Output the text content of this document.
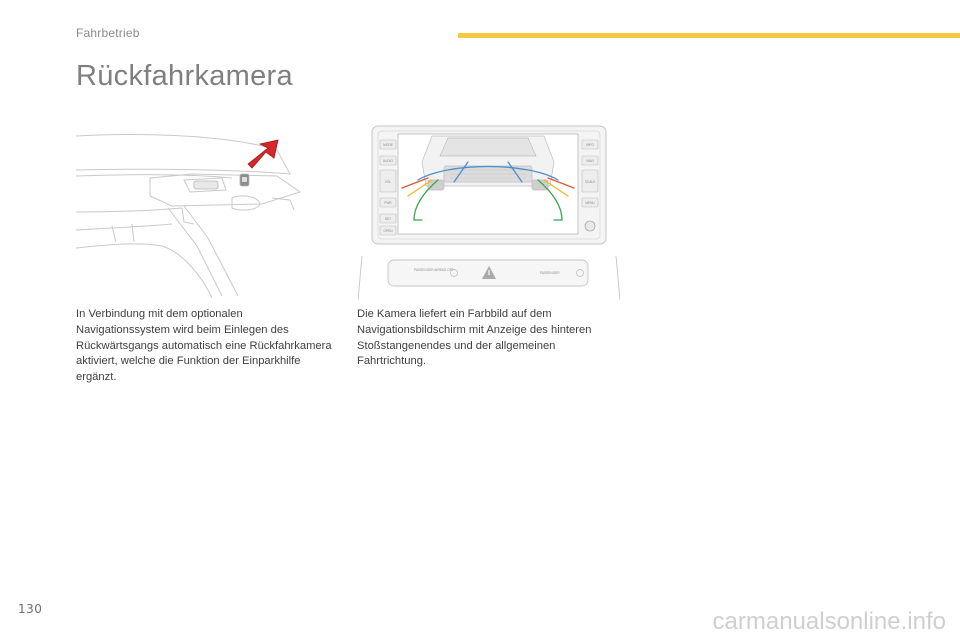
Fahrbetrieb
Rückfahrkamera
MODE
AUDIO
VOL
PWR
SET
OPEN
INFO
NAVI
SCALE
MENU
PASSENGER AIRBAG OFF
PASSENGER

In Verbindung mit dem optionalen Navigationssystem wird beim Einlegen des Rückwärtsgangs automatisch eine Rückfahrkamera aktiviert, welche die Funktion der Einparkhilfe ergänzt.

Die Kamera liefert ein Farbbild auf dem Navigationsbildschirm mit Anzeige des hinteren Stoßstangenendes und der allgemeinen Fahrtrichtung.

130	carmanualsonline.info
